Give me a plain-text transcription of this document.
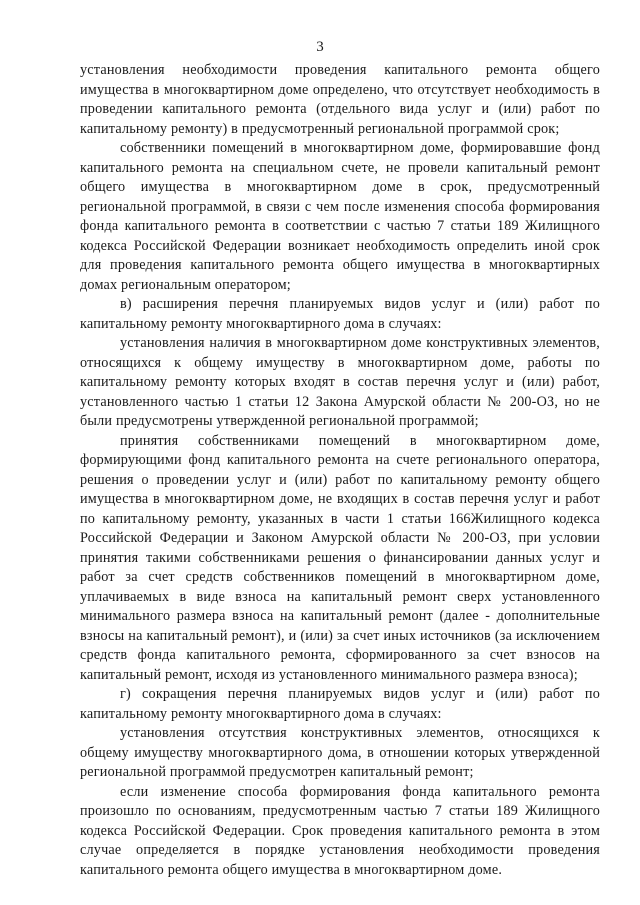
3

установления необходимости проведения капитального ремонта общего имущества в многоквартирном доме определено, что отсутствует необходимость в проведении капитального ремонта (отдельного вида услуг и (или) работ по капитальному ремонту) в предусмотренный региональной программой срок;

собственники помещений в многоквартирном доме, формировавшие фонд капитального ремонта на специальном счете, не провели капитальный ремонт общего имущества в многоквартирном доме в срок, предусмотренный региональной программой, в связи с чем после изменения способа формирования фонда капитального ремонта в соответствии с частью 7 статьи 189 Жилищного кодекса Российской Федерации возникает необходимость определить иной срок для проведения капитального ремонта общего имущества в многоквартирных домах региональным оператором;

в) расширения перечня планируемых видов услуг и (или) работ по капитальному ремонту многоквартирного дома в случаях:

установления наличия в многоквартирном доме конструктивных элементов, относящихся к общему имуществу в многоквартирном доме, работы по капитальному ремонту которых входят в состав перечня услуг и (или) работ, установленного частью 1 статьи 12 Закона Амурской области № 200-ОЗ, но не были предусмотрены утвержденной региональной программой;

принятия собственниками помещений в многоквартирном доме, формирующими фонд капитального ремонта на счете регионального оператора, решения о проведении услуг и (или) работ по капитальному ремонту общего имущества в многоквартирном доме, не входящих в состав перечня услуг и работ по капитальному ремонту, указанных в части 1 статьи 166Жилищного кодекса Российской Федерации и Законом Амурской области № 200-ОЗ, при условии принятия такими собственниками решения о финансировании данных услуг и работ за счет средств собственников помещений в многоквартирном доме, уплачиваемых в виде взноса на капитальный ремонт сверх установленного минимального размера взноса на капитальный ремонт (далее - дополнительные взносы на капитальный ремонт), и (или) за счет иных источников (за исключением средств фонда капитального ремонта, сформированного за счет взносов на капитальный ремонт, исходя из установленного минимального размера взноса);

г) сокращения перечня планируемых видов услуг и (или) работ по капитальному ремонту многоквартирного дома в случаях:

установления отсутствия конструктивных элементов, относящихся к общему имуществу многоквартирного дома, в отношении которых утвержденной региональной программой предусмотрен капитальный ремонт;

если изменение способа формирования фонда капитального ремонта произошло по основаниям, предусмотренным частью 7 статьи 189 Жилищного кодекса Российской Федерации. Срок проведения капитального ремонта в этом случае определяется в порядке установления необходимости проведения капитального ремонта общего имущества в многоквартирном доме.
